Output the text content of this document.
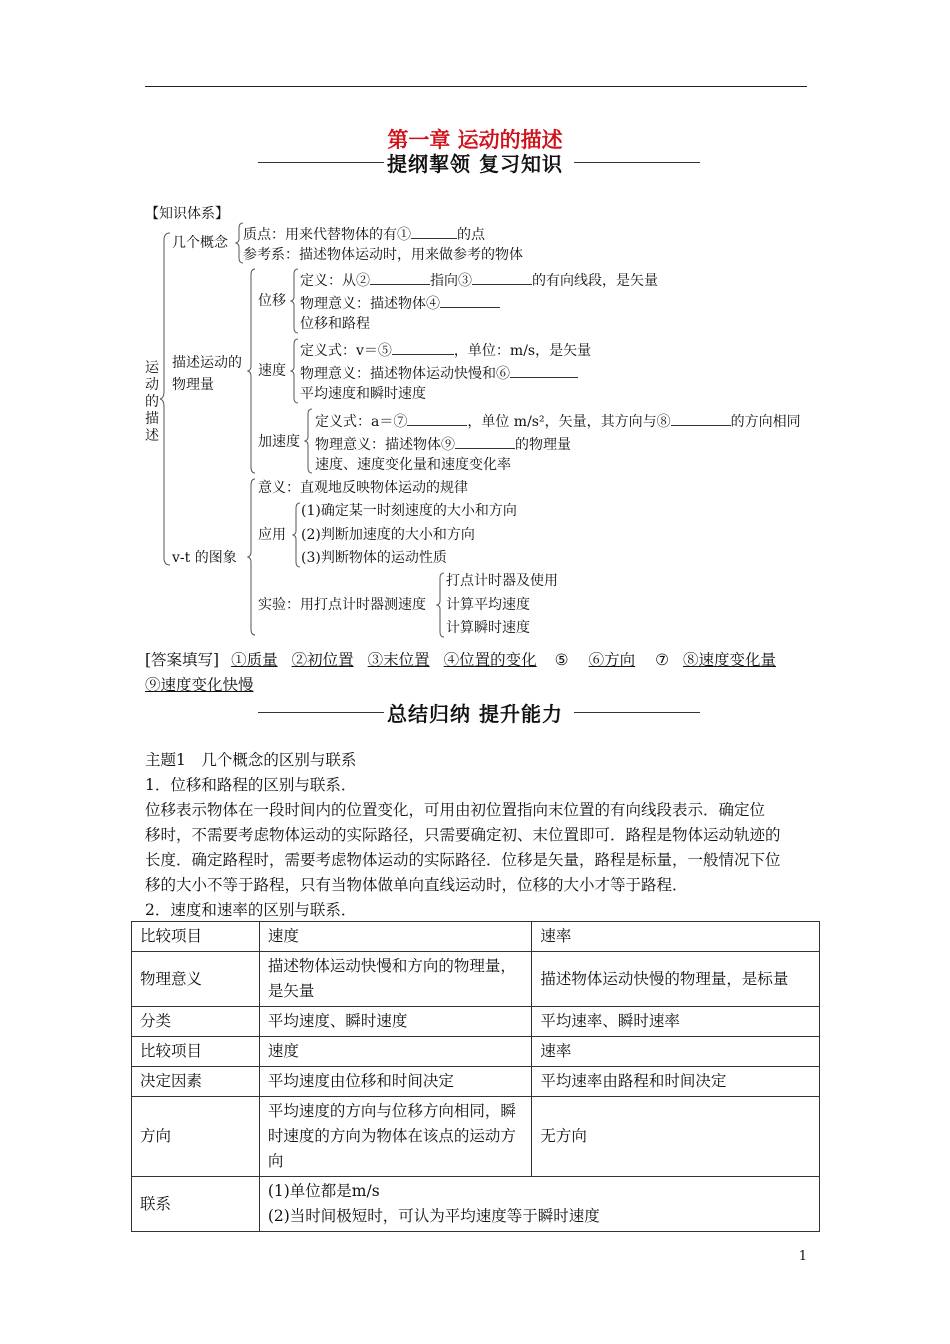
第一章 运动的描述
提纲挈领 复习知识
【知识体系】
运动的描述
几个概念 质点：用来代替物体的有①	的点
参考系：描述物体运动时，用来做参考的物体
描述运动的物理量
位移
定义：从②	指向③	的有向线段，是矢量
物理意义：描述物体④
位移和路程
速度
定义式：v＝⑤	，单位：m/s，是矢量
物理意义：描述物体运动快慢和⑥
平均速度和瞬时速度
加速度
定义式：a＝⑦	，单位 m/s²，矢量，其方向与⑧	的方向相同
物理意义：描述物体⑨	的物理量
速度、速度变化量和速度变化率
v-t 的图象
意义：直观地反映物体运动的规律
应用
(1)确定某一时刻速度的大小和方向
(2)判断加速度的大小和方向
(3)判断物体的运动性质
实验：用打点计时器测速度
打点计时器及使用
计算平均速度
计算瞬时速度
[答案填写] ①质量 ②初位置 ③末位置 ④位置的变化 ⑤ ⑥方向 ⑦ ⑧速度变化量
⑨速度变化快慢
总结归纳 提升能力
主题1　几个概念的区别与联系
1．位移和路程的区别与联系．
位移表示物体在一段时间内的位置变化，可用由初位置指向末位置的有向线段表示．确定位
移时，不需要考虑物体运动的实际路径，只需要确定初、末位置即可．路程是物体运动轨迹的
长度．确定路程时，需要考虑物体运动的实际路径．位移是矢量，路程是标量，一般情况下位
移的大小不等于路程，只有当物体做单向直线运动时，位移的大小才等于路程．
2．速度和速率的区别与联系．
比较项目	速度	速率
物理意义	描述物体运动快慢和方向的物理量，是矢量	描述物体运动快慢的物理量，是标量
分类	平均速度、瞬时速度	平均速率、瞬时速率
比较项目	速度	速率
决定因素	平均速度由位移和时间决定	平均速率由路程和时间决定
方向	平均速度的方向与位移方向相同，瞬时速度的方向为物体在该点的运动方向	无方向
联系	(1)单位都是m/s
(2)当时间极短时，可认为平均速度等于瞬时速度	
1
